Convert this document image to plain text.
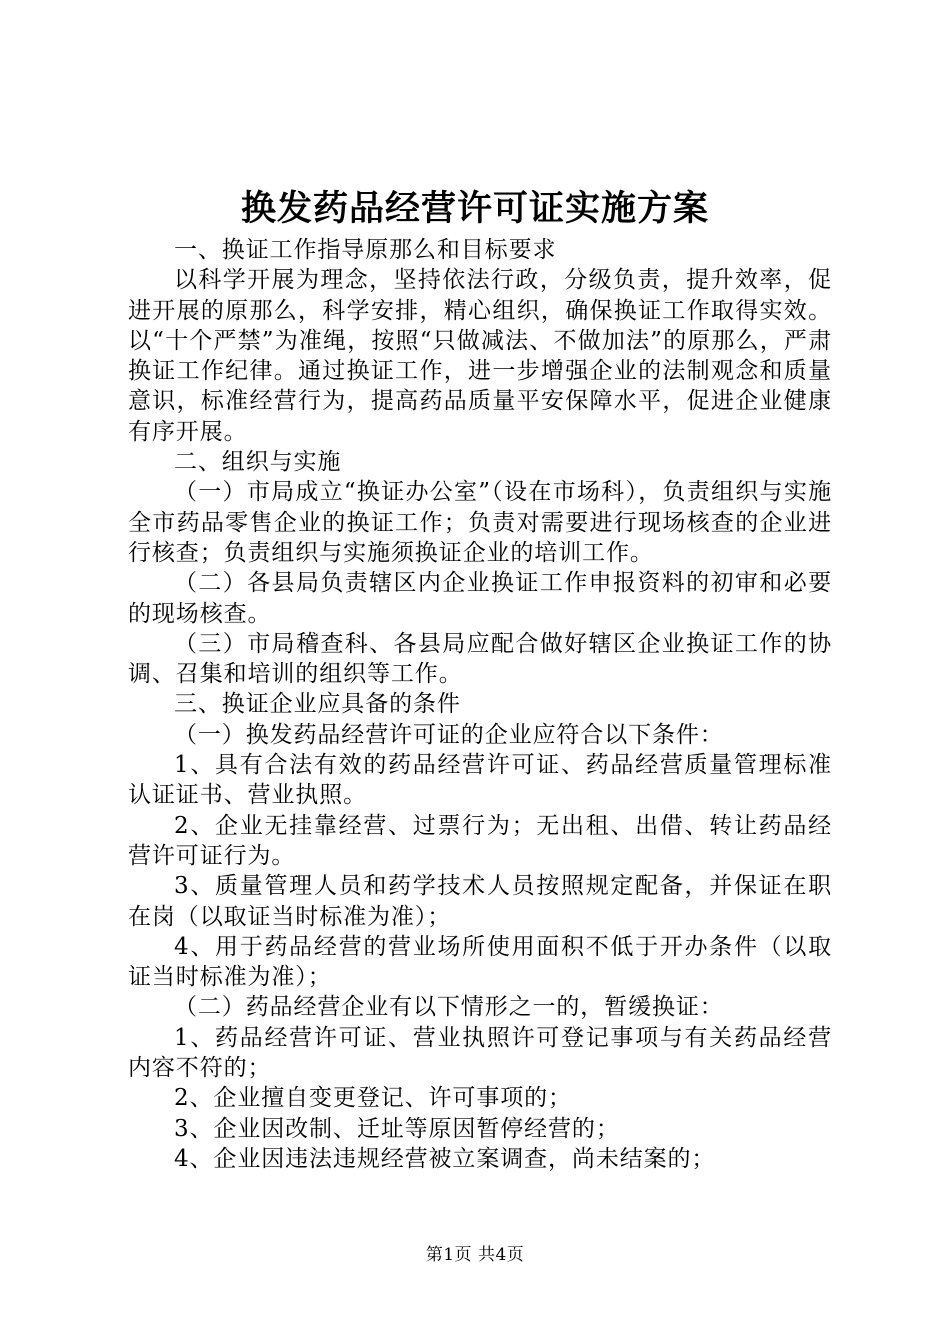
换发药品经营许可证实施方案

一、换证工作指导原那么和目标要求

以科学开展为理念，坚持依法行政，分级负责，提升效率，促进开展的原那么，科学安排，精心组织，确保换证工作取得实效。以“十个严禁”为准绳，按照“只做减法、不做加法”的原那么，严肃换证工作纪律。通过换证工作，进一步增强企业的法制观念和质量意识，标准经营行为，提高药品质量平安保障水平，促进企业健康有序开展。

二、组织与实施

（一）市局成立“换证办公室”（设在市场科），负责组织与实施全市药品零售企业的换证工作；负责对需要进行现场核查的企业进行核查；负责组织与实施须换证企业的培训工作。

（二）各县局负责辖区内企业换证工作申报资料的初审和必要的现场核查。

（三）市局稽查科、各县局应配合做好辖区企业换证工作的协调、召集和培训的组织等工作。

三、换证企业应具备的条件

（一）换发药品经营许可证的企业应符合以下条件：

1、具有合法有效的药品经营许可证、药品经营质量管理标准认证证书、营业执照。

2、企业无挂靠经营、过票行为；无出租、出借、转让药品经营许可证行为。

3、质量管理人员和药学技术人员按照规定配备，并保证在职在岗（以取证当时标准为准）；

4、用于药品经营的营业场所使用面积不低于开办条件（以取证当时标准为准）；

（二）药品经营企业有以下情形之一的，暂缓换证：

1、药品经营许可证、营业执照许可登记事项与有关药品经营内容不符的；

2、企业擅自变更登记、许可事项的；

3、企业因改制、迁址等原因暂停经营的；

4、企业因违法违规经营被立案调查，尚未结案的；

第1页 共4页
